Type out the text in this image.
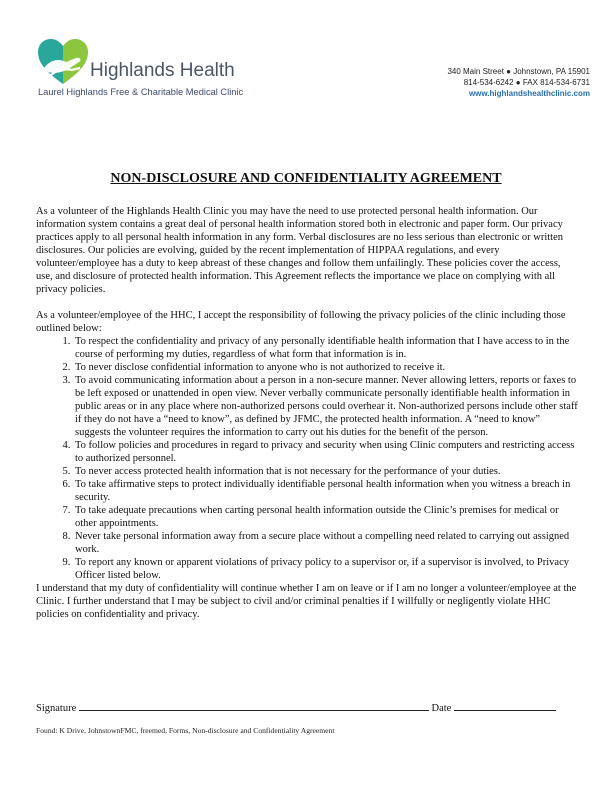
Highlands Health
Laurel Highlands Free & Charitable Medical Clinic
340 Main Street ● Johnstown, PA 15901
814-534-6242 ● FAX 814-534-6731
www.highlandshealthclinic.com
NON-DISCLOSURE AND CONFIDENTIALITY AGREEMENT

As a volunteer of the Highlands Health Clinic you may have the need to use protected personal health information. Our information system contains a great deal of personal health information stored both in electronic and paper form. Our privacy practices apply to all personal health information in any form. Verbal disclosures are no less serious than electronic or written disclosures. Our policies are evolving, guided by the recent implementation of HIPPAA regulations, and every volunteer/employee has a duty to keep abreast of these changes and follow them unfailingly. These policies cover the access, use, and disclosure of protected health information. This Agreement reflects the importance we place on complying with all privacy policies.

As a volunteer/employee of the HHC, I accept the responsibility of following the privacy policies of the clinic including those outlined below:

1. To respect the confidentiality and privacy of any personally identifiable health information that I have access to in the course of performing my duties, regardless of what form that information is in.
2. To never disclose confidential information to anyone who is not authorized to receive it.
3. To avoid communicating information about a person in a non-secure manner. Never allowing letters, reports or faxes to be left exposed or unattended in open view. Never verbally communicate personally identifiable health information in public areas or in any place where non-authorized persons could overhear it. Non-authorized persons include other staff if they do not have a “need to know”, as defined by JFMC, the protected health information. A “need to know” suggests the volunteer requires the information to carry out his duties for the benefit of the person.
4. To follow policies and procedures in regard to privacy and security when using Clinic computers and restricting access to authorized personnel.
5. To never access protected health information that is not necessary for the performance of your duties.
6. To take affirmative steps to protect individually identifiable personal health information when you witness a breach in security.
7. To take adequate precautions when carting personal health information outside the Clinic’s premises for medical or other appointments.
8. Never take personal information away from a secure place without a compelling need related to carrying out assigned work.
9. To report any known or apparent violations of privacy policy to a supervisor or, if a supervisor is involved, to Privacy Officer listed below.

I understand that my duty of confidentiality will continue whether I am on leave or if I am no longer a volunteer/employee at the Clinic. I further understand that I may be subject to civil and/or criminal penalties if I willfully or negligently violate HHC policies on confidentiality and privacy.

Signature	Date
Found: K Drive, JohnstownFMC, freemed, Forms, Non-disclosure and Confidentiality Agreement
